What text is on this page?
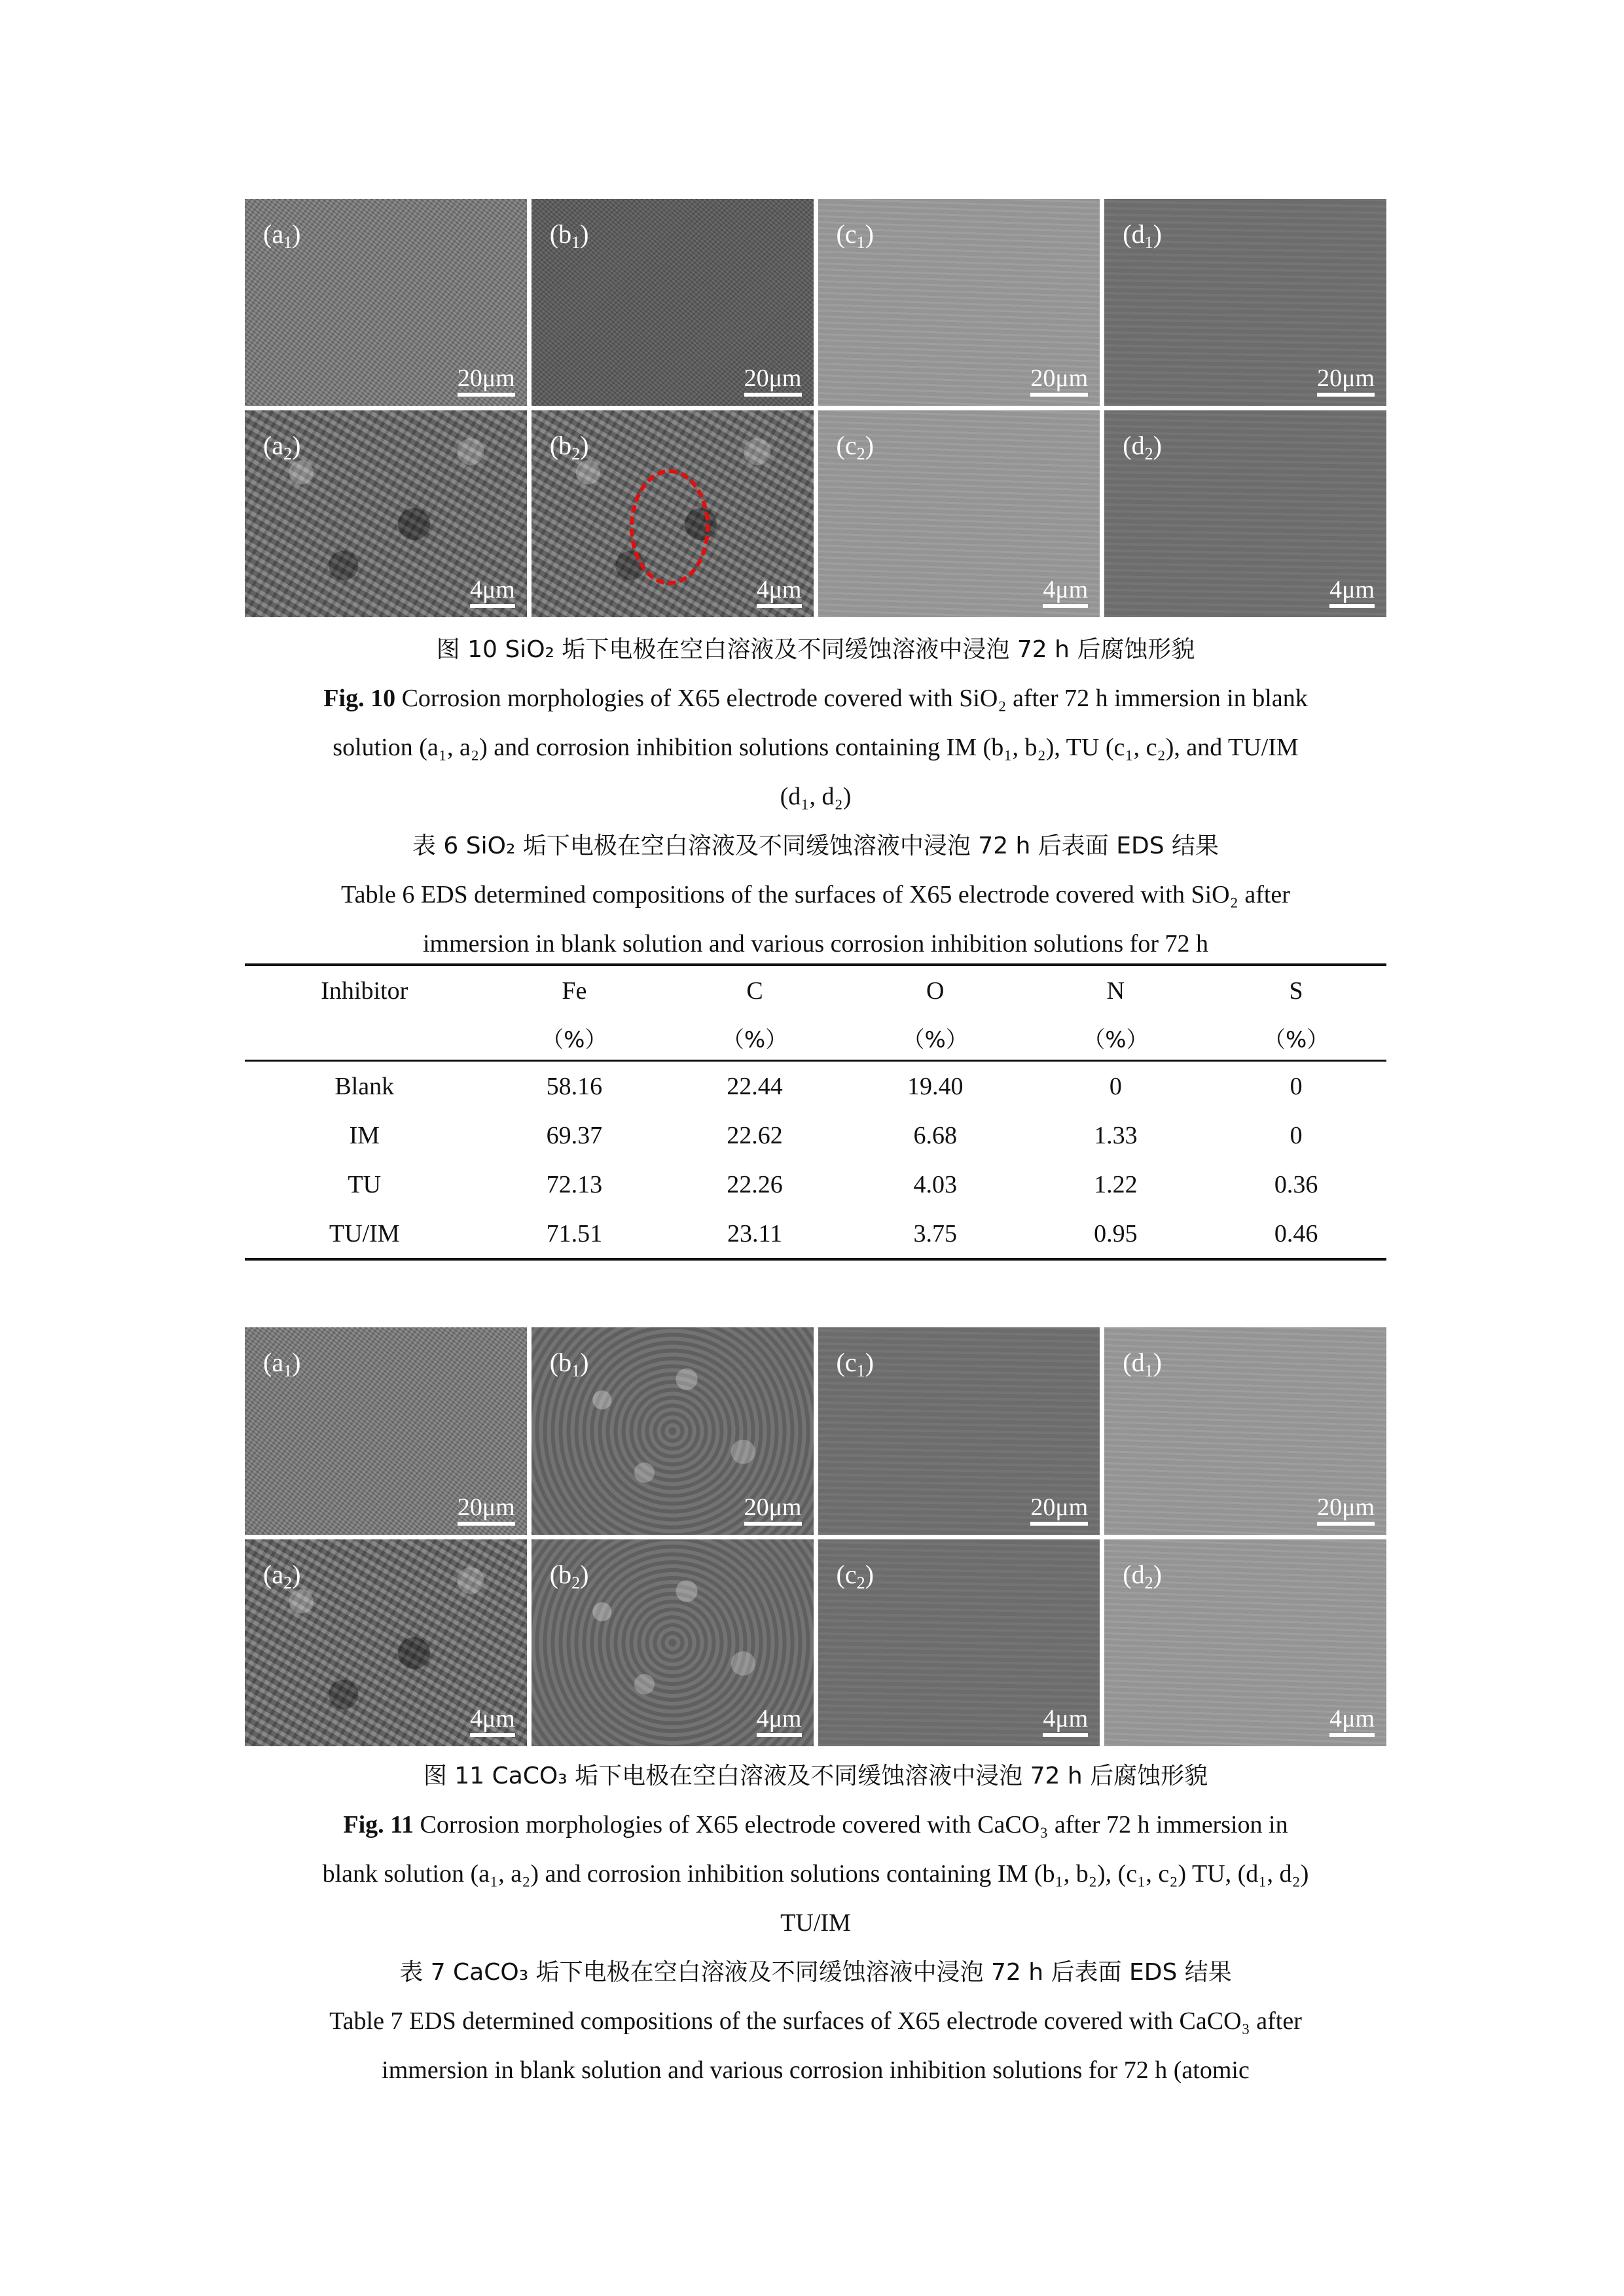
$(a_1)$
20μm
$(b_1)$
20μm
$(c_1)$
20μm
$(d_1)$
20μm
$(a_2)$
4μm
$(b_2)$
4μm
$(c_2)$
4μm
$(d_2)$
4μm
图 10 SiO₂ 垢下电极在空白溶液及不同缓蚀溶液中浸泡 72 h 后腐蚀形貌
Fig. 10 Corrosion morphologies of X65 electrode covered with SiO₂ after 72 h immersion in blank
solution (a₁, a₂) and corrosion inhibition solutions containing IM (b₁, b₂), TU (c₁, c₂), and TU/IM
(d₁, d₂)
表 6 SiO₂ 垢下电极在空白溶液及不同缓蚀溶液中浸泡 72 h 后表面 EDS 结果
Table 6 EDS determined compositions of the surfaces of X65 electrode covered with SiO₂ after
immersion in blank solution and various corrosion inhibition solutions for 72 h
Inhibitor	Fe	C	O	N	S
	（%）	（%）	（%）	（%）	（%）
Blank	58.16	22.44	19.40	0	0
IM	69.37	22.62	6.68	1.33	0
TU	72.13	22.26	4.03	1.22	0.36
TU/IM	71.51	23.11	3.75	0.95	0.46
$(a_1)$
20μm
$(b_1)$
20μm
$(c_1)$
20μm
$(d_1)$
20μm
$(a_2)$
4μm
$(b_2)$
4μm
$(c_2)$
4μm
$(d_2)$
4μm
图 11 CaCO₃ 垢下电极在空白溶液及不同缓蚀溶液中浸泡 72 h 后腐蚀形貌
Fig. 11 Corrosion morphologies of X65 electrode covered with CaCO₃ after 72 h immersion in
blank solution (a₁, a₂) and corrosion inhibition solutions containing IM (b₁, b₂), (c₁, c₂) TU, (d₁, d₂)
TU/IM
表 7 CaCO₃ 垢下电极在空白溶液及不同缓蚀溶液中浸泡 72 h 后表面 EDS 结果
Table 7 EDS determined compositions of the surfaces of X65 electrode covered with CaCO₃ after
immersion in blank solution and various corrosion inhibition solutions for 72 h (atomic
